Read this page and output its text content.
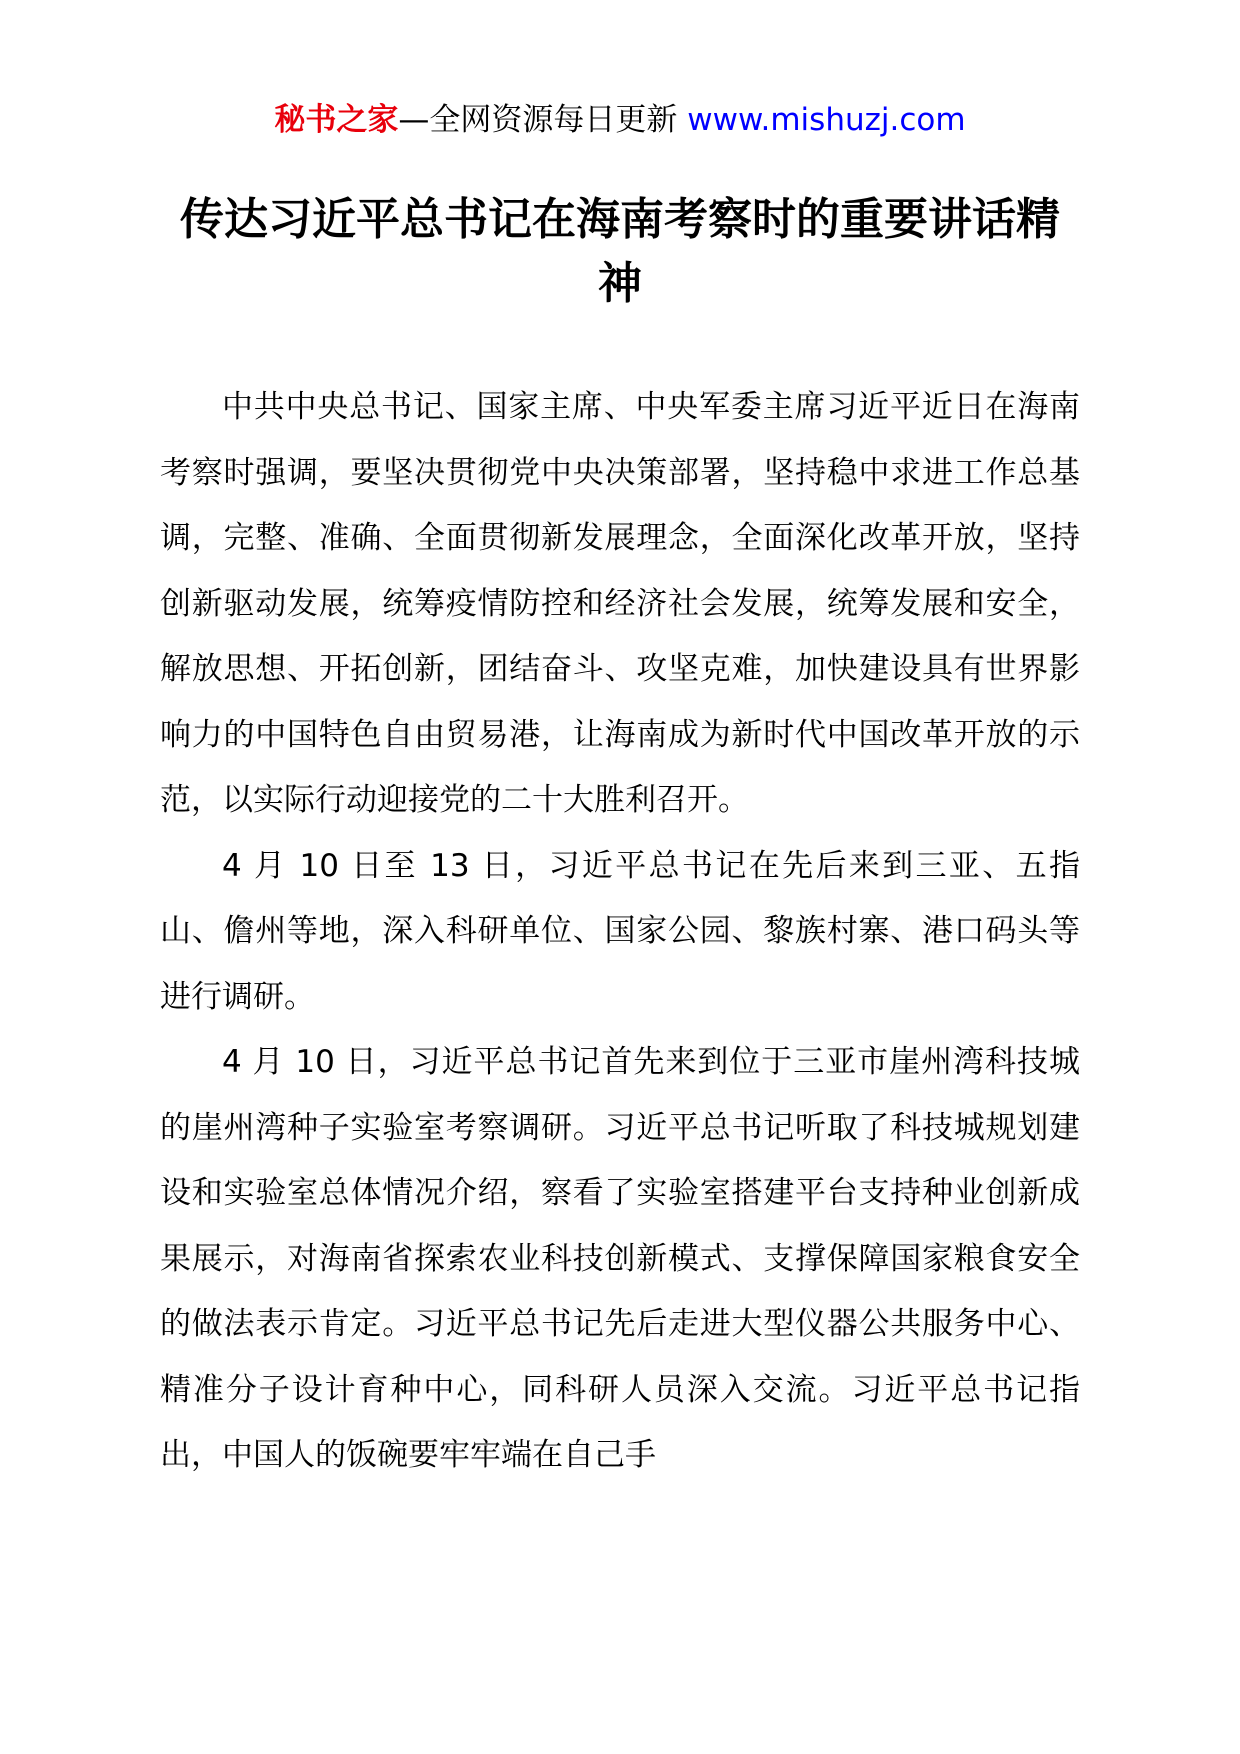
秘书之家—全网资源每日更新 www.mishuzj.com
传达习近平总书记在海南考察时的重要讲话精神

中共中央总书记、国家主席、中央军委主席习近平近日在海南考察时强调，要坚决贯彻党中央决策部署，坚持稳中求进工作总基调，完整、准确、全面贯彻新发展理念，全面深化改革开放，坚持创新驱动发展，统筹疫情防控和经济社会发展，统筹发展和安全，解放思想、开拓创新，团结奋斗、攻坚克难，加快建设具有世界影响力的中国特色自由贸易港，让海南成为新时代中国改革开放的示范，以实际行动迎接党的二十大胜利召开。

4 月 10 日至 13 日，习近平总书记在先后来到三亚、五指山、儋州等地，深入科研单位、国家公园、黎族村寨、港口码头等进行调研。

4 月 10 日，习近平总书记首先来到位于三亚市崖州湾科技城的崖州湾种子实验室考察调研。习近平总书记听取了科技城规划建设和实验室总体情况介绍，察看了实验室搭建平台支持种业创新成果展示，对海南省探索农业科技创新模式、支撑保障国家粮食安全的做法表示肯定。习近平总书记先后走进大型仪器公共服务中心、精准分子设计育种中心，同科研人员深入交流。习近平总书记指出，中国人的饭碗要牢牢端在自己手
